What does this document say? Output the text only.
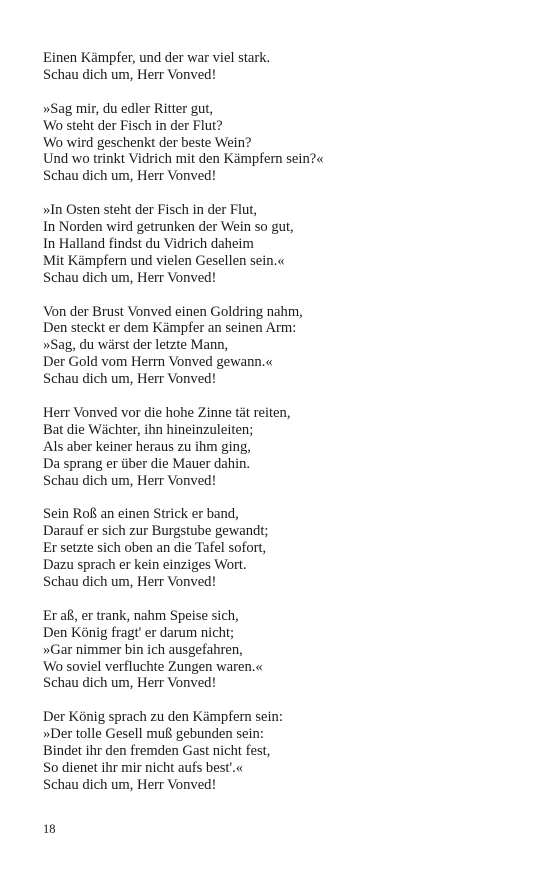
Einen Kämpfer, und der war viel stark.
Schau dich um, Herr Vonved!
»Sag mir, du edler Ritter gut,
Wo steht der Fisch in der Flut?
Wo wird geschenkt der beste Wein?
Und wo trinkt Vidrich mit den Kämpfern sein?«
Schau dich um, Herr Vonved!
»In Osten steht der Fisch in der Flut,
In Norden wird getrunken der Wein so gut,
In Halland findst du Vidrich daheim
Mit Kämpfern und vielen Gesellen sein.«
Schau dich um, Herr Vonved!
Von der Brust Vonved einen Goldring nahm,
Den steckt er dem Kämpfer an seinen Arm:
»Sag, du wärst der letzte Mann,
Der Gold vom Herrn Vonved gewann.«
Schau dich um, Herr Vonved!
Herr Vonved vor die hohe Zinne tät reiten,
Bat die Wächter, ihn hineinzuleiten;
Als aber keiner heraus zu ihm ging,
Da sprang er über die Mauer dahin.
Schau dich um, Herr Vonved!
Sein Roß an einen Strick er band,
Darauf er sich zur Burgstube gewandt;
Er setzte sich oben an die Tafel sofort,
Dazu sprach er kein einziges Wort.
Schau dich um, Herr Vonved!
Er aß, er trank, nahm Speise sich,
Den König fragt' er darum nicht;
»Gar nimmer bin ich ausgefahren,
Wo soviel verfluchte Zungen waren.«
Schau dich um, Herr Vonved!
Der König sprach zu den Kämpfern sein:
»Der tolle Gesell muß gebunden sein:
Bindet ihr den fremden Gast nicht fest,
So dienet ihr mir nicht aufs best'.«
Schau dich um, Herr Vonved!
18
